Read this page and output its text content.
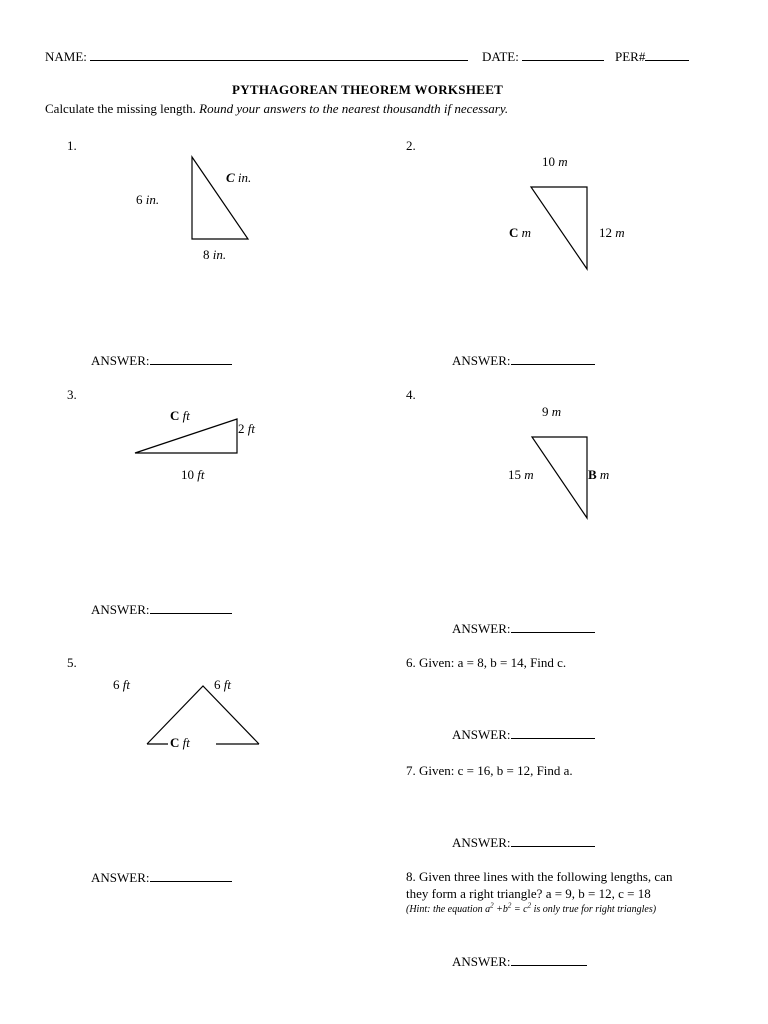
NAME:	DATE:	PER#
PYTHAGOREAN THEOREM WORKSHEET
Calculate the missing length. Round your answers to the nearest thousandth if necessary.
1.
C in.
6 in.
8 in.
ANSWER:
2.
10 m
C m	12 m
ANSWER:
3.
C ft
2 ft
10 ft
ANSWER:
4.
9 m
15 m	B m
ANSWER:
5.
6 ft	6 ft
C ft
ANSWER:
6. Given: a = 8, b = 14, Find c.
ANSWER:
7. Given: c = 16, b = 12, Find a.
ANSWER:
8. Given three lines with the following lengths, can
they form a right triangle? a = 9, b = 12, c = 18
(Hint: the equation $a^2 +b^2 = c^2$ is only true for right triangles)
ANSWER:
